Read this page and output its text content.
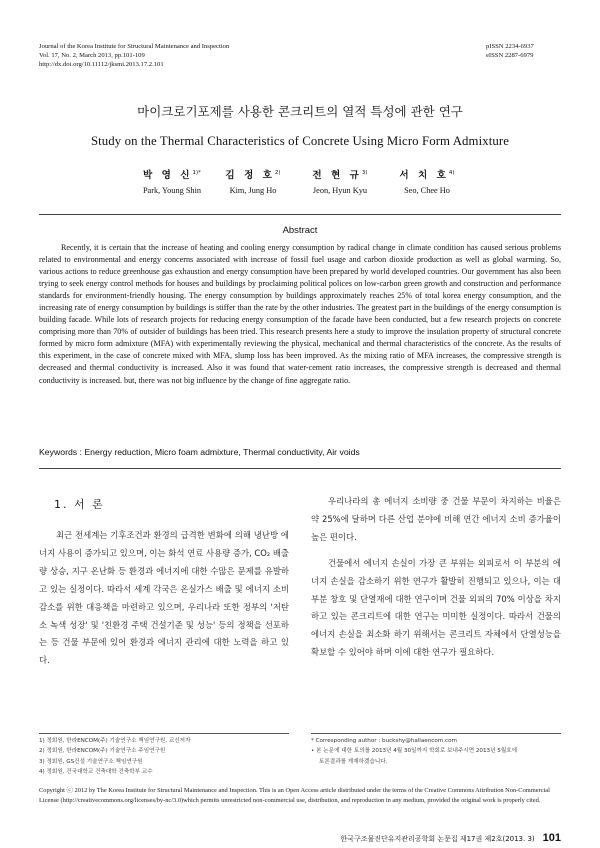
Journal of the Korea Institute for Structural Maintenance and Inspection
Vol. 17, No. 2, March 2013, pp.101-109
http://dx.doi.org/10.11112/jksmi.2013.17.2.101
pISSN 2234-6937
eISSN 2287-6979
마이크로기포제를 사용한 콘크리트의 열적 특성에 관한 연구
Study on the Thermal Characteristics of Concrete Using Micro Form Admixture
박 영 신$^{1)*}$
Park, Young Shin
김 정 호$^{2)}$
Kim, Jung Ho
전 현 규$^{3)}$
Jeon, Hyun Kyu
서 치 호$^{4)}$
Seo, Chee Ho
Abstract
Recently, it is certain that the increase of heating and cooling energy consumption by radical change in climate condition has caused serious problems related to environmental and energy concerns associated with increase of fossil fuel usage and carbon dioxide production as well as global warming. So, various actions to reduce greenhouse gas exhaustion and energy consumption have been prepared by world developed countries. Our government has also been trying to seek energy control methods for houses and buildings by proclaiming political polices on low-carbon green growth and construction and performance standards for environment-friendly housing. The energy consumption by buildings approximately reaches 25% of total korea energy consumption, and the increasing rate of energy consumption by buildings is stiffer than the rate by the other industries. The greatest part in the buildings of the energy consumption is building facade. While lots of research projects for reducing energy consumption of the facade have been conducted, but a few research projects on concrete comprising more than 70% of outsider of buildings has been tried. This research presents here a study to improve the insulation property of structural concrete formed by micro form admixture (MFA) with experimentally reviewing the physical, mechanical and thermal characteristics of the concrete. As the results of this experiment, in the case of concrete mixed with MFA, slump loss has been improved. As the mixing ratio of MFA increases, the compressive strength is decreased and thermal conductivity is increased. Also it was found that water-cement ratio increases, the compressive strength is decreased and thermal conductivity is increased. but, there was not big influence by the change of fine aggregate ratio.
Keywords : Energy reduction, Micro foam admixture, Thermal conductivity, Air voids
1. 서 론

최근 전세계는 기후조건과 환경의 급격한 변화에 의해 냉난방 에너지 사용이 증가되고 있으며, 이는 화석 연료 사용량 증가, CO₂ 배출량 상승, 지구 온난화 등 환경과 에너지에 대한 수많은 문제를 유발하고 있는 실정이다. 따라서 세계 각국은 온실가스 배출 및 에너지 소비 감소를 위한 대응책을 마련하고 있으며, 우리나라 또한 정부의 '저탄소 녹색 성장' 및 '친환경 주택 건설기준 및 성능' 등의 정책을 선포하는 등 건물 부문에 있어 환경과 에너지 관리에 대한 노력을 하고 있다.

우리나라의 총 에너지 소비량 중 건물 부문이 차지하는 비율은 약 25%에 달하며 다른 산업 분야에 비해 연간 에너지 소비 증가율이 높은 편이다.

건물에서 에너지 손실이 가장 큰 부위는 외피로서 이 부분의 에너지 손실을 감소하기 위한 연구가 활발히 진행되고 있으나, 이는 대부분 창호 및 단열재에 대한 연구이며 건물 외피의 70% 이상을 차지하고 있는 콘크리트에 대한 연구는 미미한 실정이다. 따라서 건물의 에너지 손실을 최소화 하기 위해서는 콘크리트 자체에서 단열성능을 확보할 수 있어야 하며 이에 대한 연구가 필요하다.

1) 정회원, 한라ENCOM(주) 기술연구소 책임연구원, 교신저자
2) 정회원, 한라ENCOM(주) 기술연구소 주임연구원
3) 정회원, GS건설 기술연구소 책임연구원
4) 정회원, 건국대학교 건축대학 건축학부 교수
* Corresponding author : buckshy@hallaencom.com
• 본 논문에 대한 토의를 2013년 4월 30일까지 학회로 보내주시면 2013년 5월호에
토론결과를 게재하겠습니다.
Copyright ⓒ 2012 by The Korea Institute for Structural Maintenance and Inspection. This is an Open Access article distributed under the terms of the Creative Commons Attribution Non-Commercial License (http://creativecommons.org/licenses/by-nc/3.0)which permits unrestricted non-commercial use, distribution, and reproduction in any medium, provided the original work is properly cited.
한국구조물진단유지관리공학회 논문집 제17권 제2호(2013. 3) 101
